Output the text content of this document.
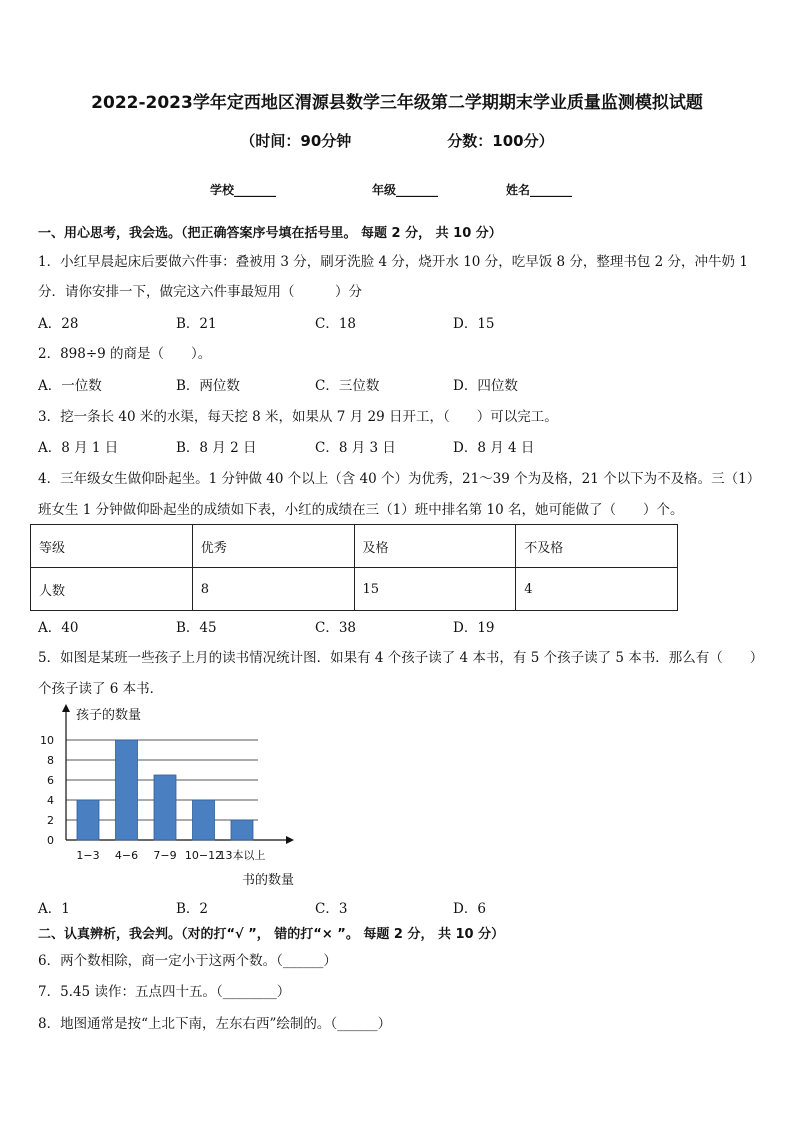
2022-2023学年定西地区渭源县数学三年级第二学期期末学业质量监测模拟试题
（时间：90分钟	分数：100分）
学校_______	年级_______	姓名_______
一、用心思考，我会选。（把正确答案序号填在括号里。 每题 2 分， 共 10 分）
1．小红早晨起床后要做六件事：叠被用 3 分，刷牙洗脸 4 分，烧开水 10 分，吃早饭 8 分，整理书包 2 分，冲牛奶 1
分．请你安排一下，做完这六件事最短用（　　　）分
A．28	B．21	C．18	D．15
2．898÷9 的商是（　　）。
A．一位数	B．两位数	C．三位数	D．四位数
3．挖一条长 40 米的水渠，每天挖 8 米，如果从 7 月 29 日开工，（　　）可以完工。
A．8 月 1 日	B．8 月 2 日	C．8 月 3 日	D．8 月 4 日
4．三年级女生做仰卧起坐。1 分钟做 40 个以上（含 40 个）为优秀，21～39 个为及格，21 个以下为不及格。三（1）
班女生 1 分钟做仰卧起坐的成绩如下表，小红的成绩在三（1）班中排名第 10 名，她可能做了（　　）个。
等级	优秀	及格	不及格
人数	8	15	4
A．40	B．45	C．38	D．19
5．如图是某班一些孩子上月的读书情况统计图．如果有 4 个孩子读了 4 本书，有 5 个孩子读了 5 本书．那么有（　　）
个孩子读了 6 本书．
0
2
4
6
8
10
孩子的数量
1−3 4−6 7−9 10−12
13本以上
书的数量
A．1	B．2	C．3	D．6
二、认真辨析，我会判。（对的打“√ ”， 错的打“× ”。 每题 2 分， 共 10 分）
6．两个数相除，商一定小于这两个数。（______）
7．5.45 读作：五点四十五。（________）
8．地图通常是按“上北下南，左东右西”绘制的。（______）
